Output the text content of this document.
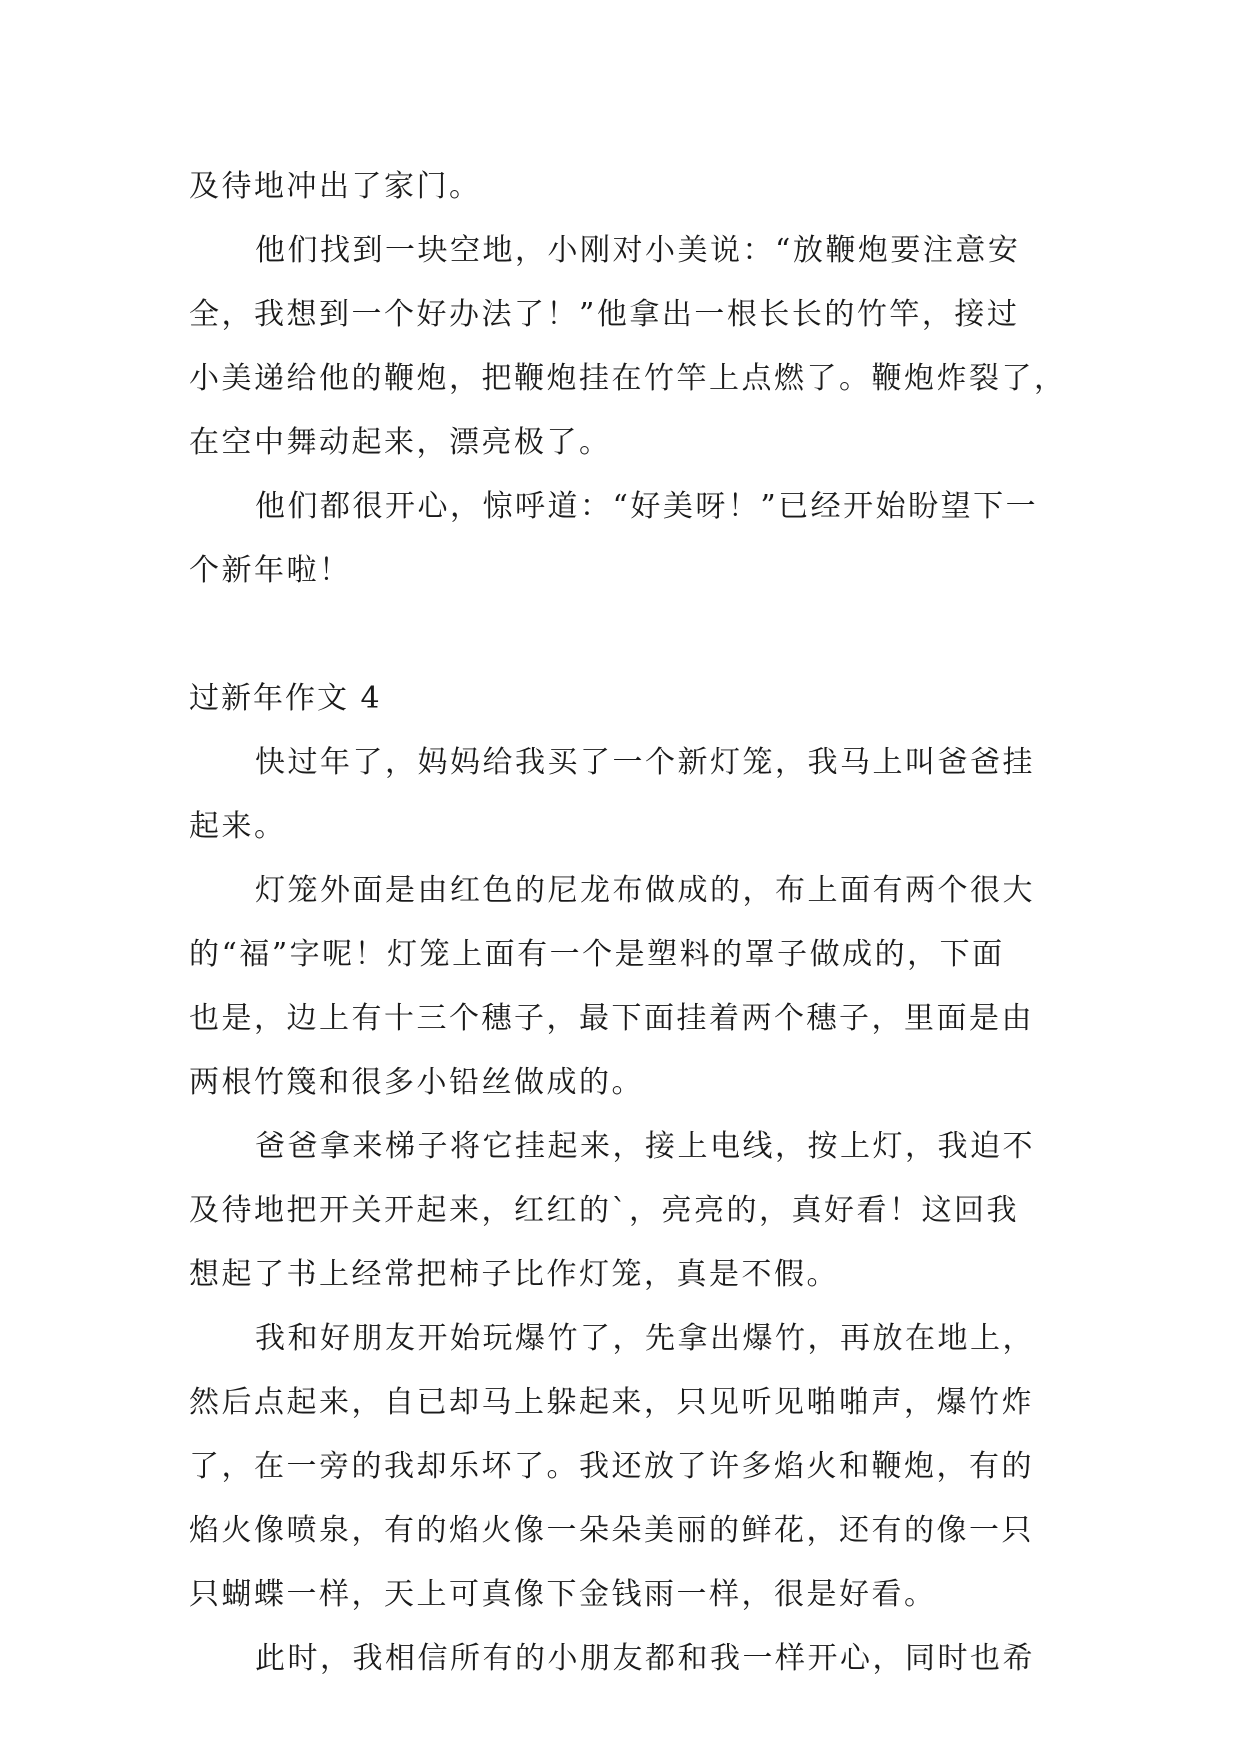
及待地冲出了家门。
他们找到一块空地，小刚对小美说：“放鞭炮要注意安
全，我想到一个好办法了！”他拿出一根长长的竹竿，接过
小美递给他的鞭炮，把鞭炮挂在竹竿上点燃了。鞭炮炸裂了，
在空中舞动起来，漂亮极了。
他们都很开心，惊呼道：“好美呀！”已经开始盼望下一
个新年啦！
过新年作文 4
快过年了，妈妈给我买了一个新灯笼，我马上叫爸爸挂
起来。
灯笼外面是由红色的尼龙布做成的，布上面有两个很大
的“福”字呢！灯笼上面有一个是塑料的罩子做成的，下面
也是，边上有十三个穗子，最下面挂着两个穗子，里面是由
两根竹篾和很多小铅丝做成的。
爸爸拿来梯子将它挂起来，接上电线，按上灯，我迫不
及待地把开关开起来，红红的`，亮亮的，真好看！这回我
想起了书上经常把柿子比作灯笼，真是不假。
我和好朋友开始玩爆竹了，先拿出爆竹，再放在地上，
然后点起来，自已却马上躲起来，只见听见啪啪声，爆竹炸
了，在一旁的我却乐坏了。我还放了许多焰火和鞭炮，有的
焰火像喷泉，有的焰火像一朵朵美丽的鲜花，还有的像一只
只蝴蝶一样，天上可真像下金钱雨一样，很是好看。
此时，我相信所有的小朋友都和我一样开心，同时也希
